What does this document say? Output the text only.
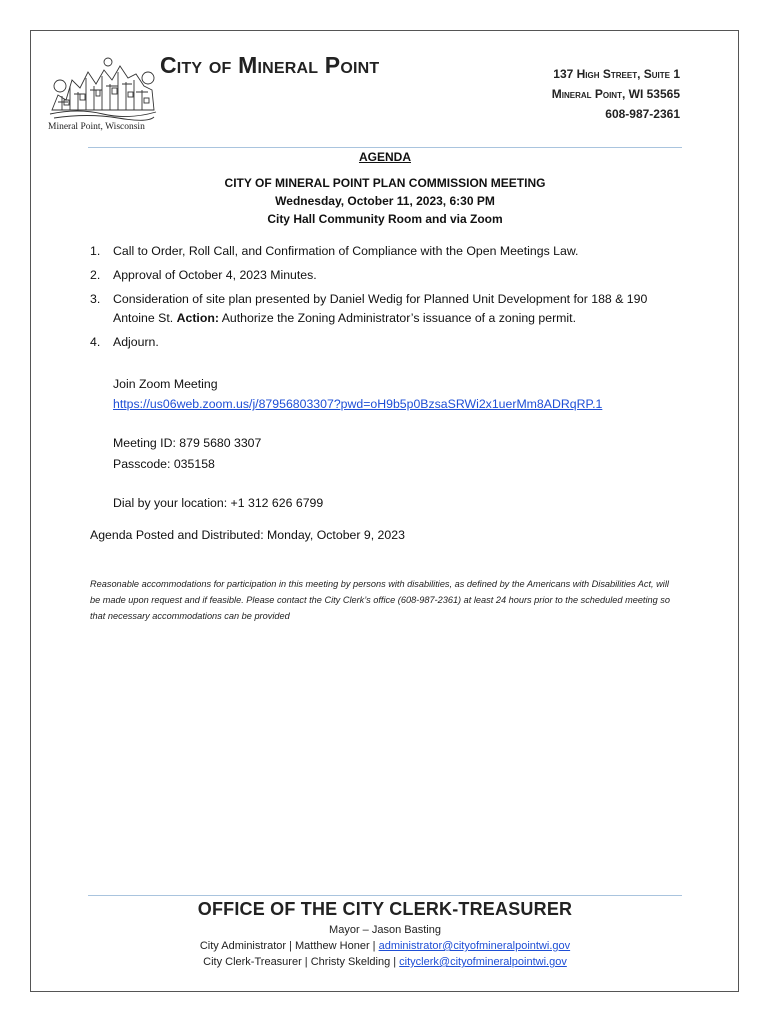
Mineral Point, Wisconsin
City of Mineral Point	137 High Street, Suite 1
Mineral Point, WI 53565
608-987-2361
AGENDA
CITY OF MINERAL POINT PLAN COMMISSION MEETING
Wednesday, October 11, 2023, 6:30 PM
City Hall Community Room and via Zoom
1. Call to Order, Roll Call, and Confirmation of Compliance with the Open Meetings Law.
2. Approval of October 4, 2023 Minutes.
3. Consideration of site plan presented by Daniel Wedig for Planned Unit Development for 188 & 190 Antoine St. Action: Authorize the Zoning Administrator’s issuance of a zoning permit.
4. Adjourn.
Join Zoom Meeting
https://us06web.zoom.us/j/87956803307?pwd=oH9b5p0BzsaSRWi2x1uerMm8ADRqRP.1
Meeting ID: 879 5680 3307
Passcode: 035158
Dial by your location: +1 312 626 6799
Agenda Posted and Distributed: Monday, October 9, 2023
Reasonable accommodations for participation in this meeting by persons with disabilities, as defined by the Americans with Disabilities Act, will be made upon request and if feasible. Please contact the City Clerk’s office (608-987-2361) at least 24 hours prior to the scheduled meeting so that necessary accommodations can be provided
OFFICE OF THE CITY CLERK-TREASURER
Mayor – Jason Basting
City Administrator | Matthew Honer | administrator@cityofmineralpointwi.gov
City Clerk-Treasurer | Christy Skelding | cityclerk@cityofmineralpointwi.gov
